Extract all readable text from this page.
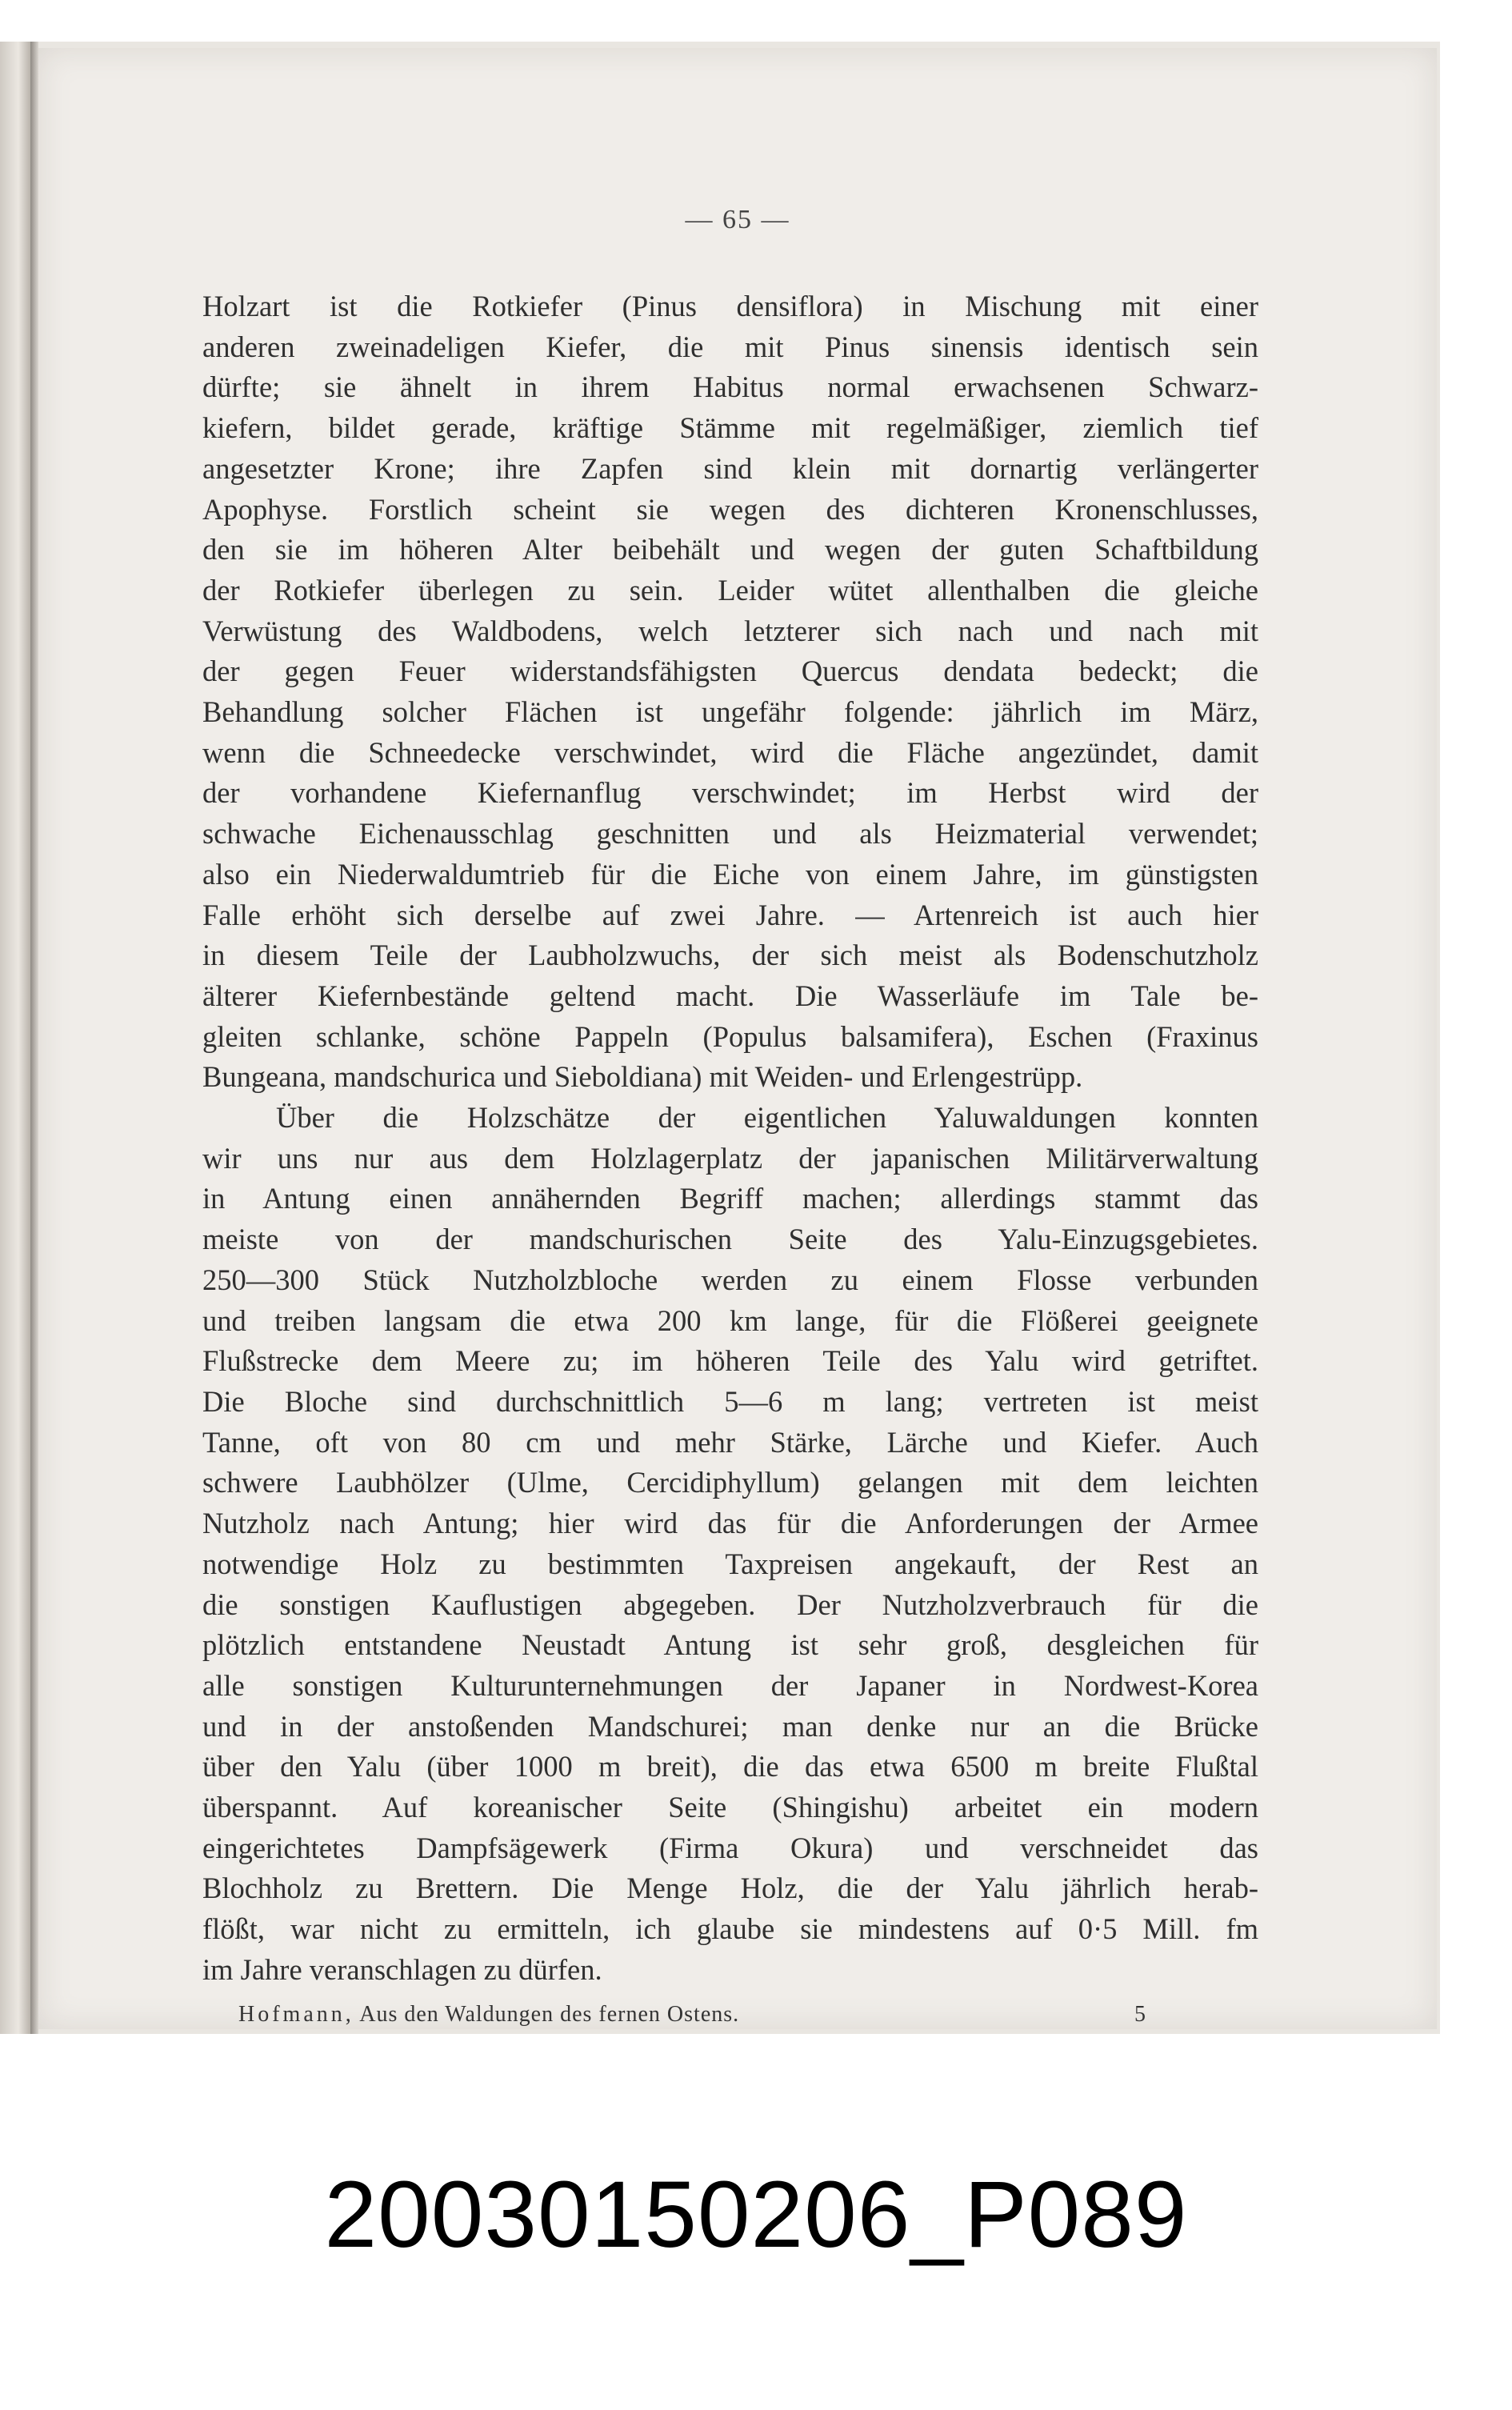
— 65 —
Holzart ist die Rotkiefer (Pinus densiflora) in Mischung mit einer
anderen zweinadeligen Kiefer, die mit Pinus sinensis identisch sein
dürfte; sie ähnelt in ihrem Habitus normal erwachsenen Schwarz-
kiefern, bildet gerade, kräftige Stämme mit regelmäßiger, ziemlich tief
angesetzter Krone; ihre Zapfen sind klein mit dornartig verlängerter
Apophyse. Forstlich scheint sie wegen des dichteren Kronenschlusses,
den sie im höheren Alter beibehält und wegen der guten Schaftbildung
der Rotkiefer überlegen zu sein. Leider wütet allenthalben die gleiche
Verwüstung des Waldbodens, welch letzterer sich nach und nach mit
der gegen Feuer widerstandsfähigsten Quercus dendata bedeckt; die
Behandlung solcher Flächen ist ungefähr folgende: jährlich im März,
wenn die Schneedecke verschwindet, wird die Fläche angezündet, damit
der vorhandene Kiefernanflug verschwindet; im Herbst wird der
schwache Eichenausschlag geschnitten und als Heizmaterial verwendet;
also ein Niederwaldumtrieb für die Eiche von einem Jahre, im günstigsten
Falle erhöht sich derselbe auf zwei Jahre. — Artenreich ist auch hier
in diesem Teile der Laubholzwuchs, der sich meist als Bodenschutzholz
älterer Kiefernbestände geltend macht. Die Wasserläufe im Tale be-
gleiten schlanke, schöne Pappeln (Populus balsamifera), Eschen (Fraxinus
Bungeana, mandschurica und Sieboldiana) mit Weiden- und Erlengestrüpp.
Über die Holzschätze der eigentlichen Yaluwaldungen konnten
wir uns nur aus dem Holzlagerplatz der japanischen Militärverwaltung
in Antung einen annähernden Begriff machen; allerdings stammt das
meiste von der mandschurischen Seite des Yalu-Einzugsgebietes.
250—300 Stück Nutzholzbloche werden zu einem Flosse verbunden
und treiben langsam die etwa 200 km lange, für die Flößerei geeignete
Flußstrecke dem Meere zu; im höheren Teile des Yalu wird getriftet.
Die Bloche sind durchschnittlich 5—6 m lang; vertreten ist meist
Tanne, oft von 80 cm und mehr Stärke, Lärche und Kiefer. Auch
schwere Laubhölzer (Ulme, Cercidiphyllum) gelangen mit dem leichten
Nutzholz nach Antung; hier wird das für die Anforderungen der Armee
notwendige Holz zu bestimmten Taxpreisen angekauft, der Rest an
die sonstigen Kauflustigen abgegeben. Der Nutzholzverbrauch für die
plötzlich entstandene Neustadt Antung ist sehr groß, desgleichen für
alle sonstigen Kulturunternehmungen der Japaner in Nordwest-Korea
und in der anstoßenden Mandschurei; man denke nur an die Brücke
über den Yalu (über 1000 m breit), die das etwa 6500 m breite Flußtal
überspannt. Auf koreanischer Seite (Shingishu) arbeitet ein modern
eingerichtetes Dampfsägewerk (Firma Okura) und verschneidet das
Blochholz zu Brettern. Die Menge Holz, die der Yalu jährlich herab-
flößt, war nicht zu ermitteln, ich glaube sie mindestens auf 0·5 Mill. fm
im Jahre veranschlagen zu dürfen.
Hofmann, Aus den Waldungen des fernen Ostens.	5
20030150206_P089
